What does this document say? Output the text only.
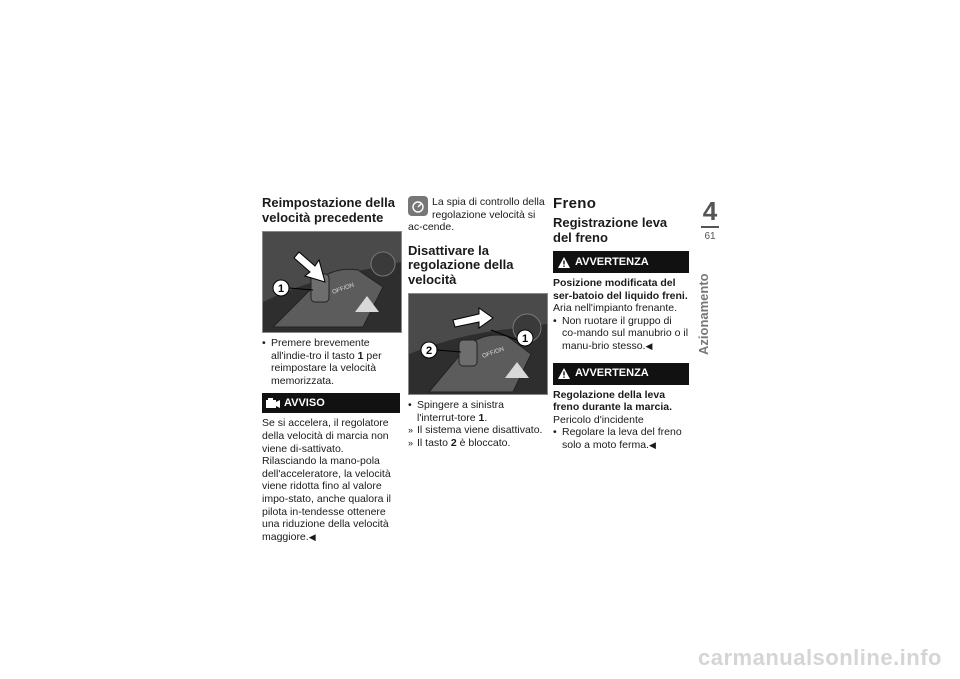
Reimpostazione della velocità precedente
1	OFF/ON

• Premere brevemente all'indie-tro il tasto 1 per reimpostare la velocità memorizzata.

AVVISO

Se si accelera, il regolatore della velocità di marcia non viene di-sattivato. Rilasciando la mano-pola dell'acceleratore, la velocità viene ridotta fino al valore impo-stato, anche qualora il pilota in-tendesse ottenere una riduzione della velocità maggiore.◀

La spia di controllo della regolazione velocità si ac-cende.
Disattivare la regolazione della velocità
2
1
OFF/ON

• Spingere a sinistra l'interrut-tore 1.

» Il sistema viene disattivato.

» Il tasto 2 è bloccato.

Freno
Registrazione leva del freno
AVVERTENZA

Posizione modificata del ser-batoio del liquido freni.

Aria nell'impianto frenante.

• Non ruotare il gruppo di co-mando sul manubrio o il manu-brio stesso.◀

AVVERTENZA

Regolazione della leva freno durante la marcia.

Pericolo d'incidente

• Regolare la leva del freno solo a moto ferma.◀

4
61
Azionamento
carmanualsonline.info
